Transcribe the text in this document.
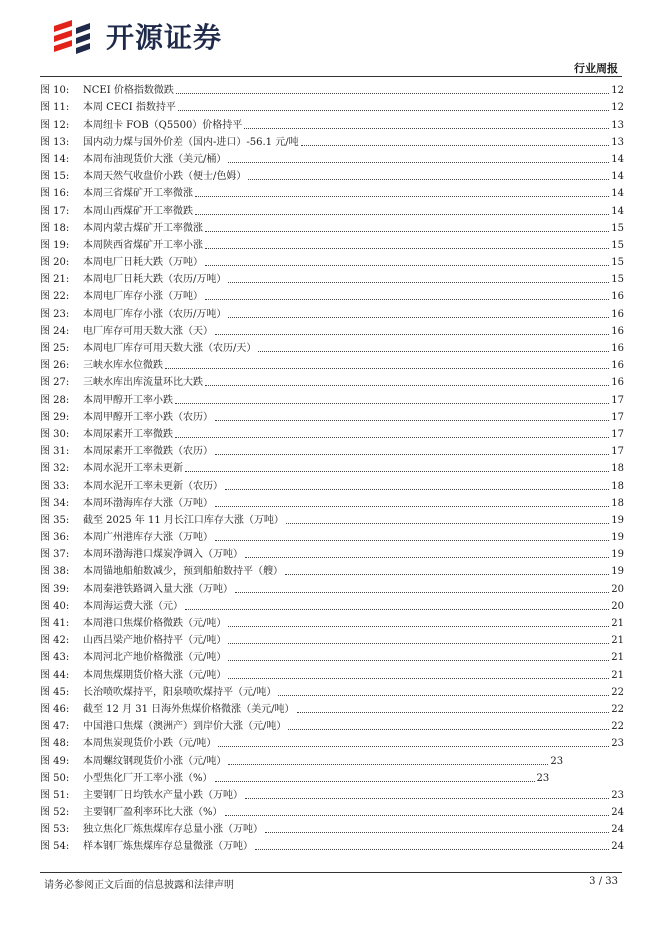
开源证券
行业周报
图 10:	NCEI 价格指数微跌	12
图 11:	本周 CECI 指数持平	12
图 12:	本周纽卡 FOB（Q5500）价格持平	13
图 13:	国内动力煤与国外价差（国内-进口）-56.1 元/吨	13
图 14:	本周布油现货价大涨（美元/桶）	14
图 15:	本周天然气收盘价小跌（便士/色姆）	14
图 16:	本周三省煤矿开工率微涨	14
图 17:	本周山西煤矿开工率微跌	14
图 18:	本周内蒙古煤矿开工率微涨	15
图 19:	本周陕西省煤矿开工率小涨	15
图 20:	本周电厂日耗大跌（万吨）	15
图 21:	本周电厂日耗大跌（农历/万吨）	15
图 22:	本周电厂库存小涨（万吨）	16
图 23:	本周电厂库存小涨（农历/万吨）	16
图 24:	电厂库存可用天数大涨（天）	16
图 25:	本周电厂库存可用天数大涨（农历/天）	16
图 26:	三峡水库水位微跌	16
图 27:	三峡水库出库流量环比大跌	16
图 28:	本周甲醇开工率小跌	17
图 29:	本周甲醇开工率小跌（农历）	17
图 30:	本周尿素开工率微跌	17
图 31:	本周尿素开工率微跌（农历）	17
图 32:	本周水泥开工率未更新	18
图 33:	本周水泥开工率未更新（农历）	18
图 34:	本周环渤海库存大涨（万吨）	18
图 35:	截至 2025 年 11 月长江口库存大涨（万吨）	19
图 36:	本周广州港库存大涨（万吨）	19
图 37:	本周环渤海港口煤炭净调入（万吨）	19
图 38:	本周锚地船舶数减少，预到船舶数持平（艘）	19
图 39:	本周秦港铁路调入量大涨（万吨）	20
图 40:	本周海运费大涨（元）	20
图 41:	本周港口焦煤价格微跌（元/吨）	21
图 42:	山西吕梁产地价格持平（元/吨）	21
图 43:	本周河北产地价格微涨（元/吨）	21
图 44:	本周焦煤期货价格大涨（元/吨）	21
图 45:	长治喷吹煤持平，阳泉喷吹煤持平（元/吨）	22
图 46:	截至 12 月 31 日海外焦煤价格微涨（美元/吨）	22
图 47:	中国港口焦煤（澳洲产）到岸价大涨（元/吨）	22
图 48:	本周焦炭现货价小跌（元/吨）	23
图 49:	本周螺纹钢现货价小涨（元/吨）	23
图 50:	小型焦化厂开工率小涨（%）	23
图 51:	主要钢厂日均铁水产量小跌（万吨）	23
图 52:	主要钢厂盈利率环比大涨（%）	24
图 53:	独立焦化厂炼焦煤库存总量小涨（万吨）	24
图 54:	样本钢厂炼焦煤库存总量微涨（万吨）	24
请务必参阅正文后面的信息披露和法律声明	3 / 33
